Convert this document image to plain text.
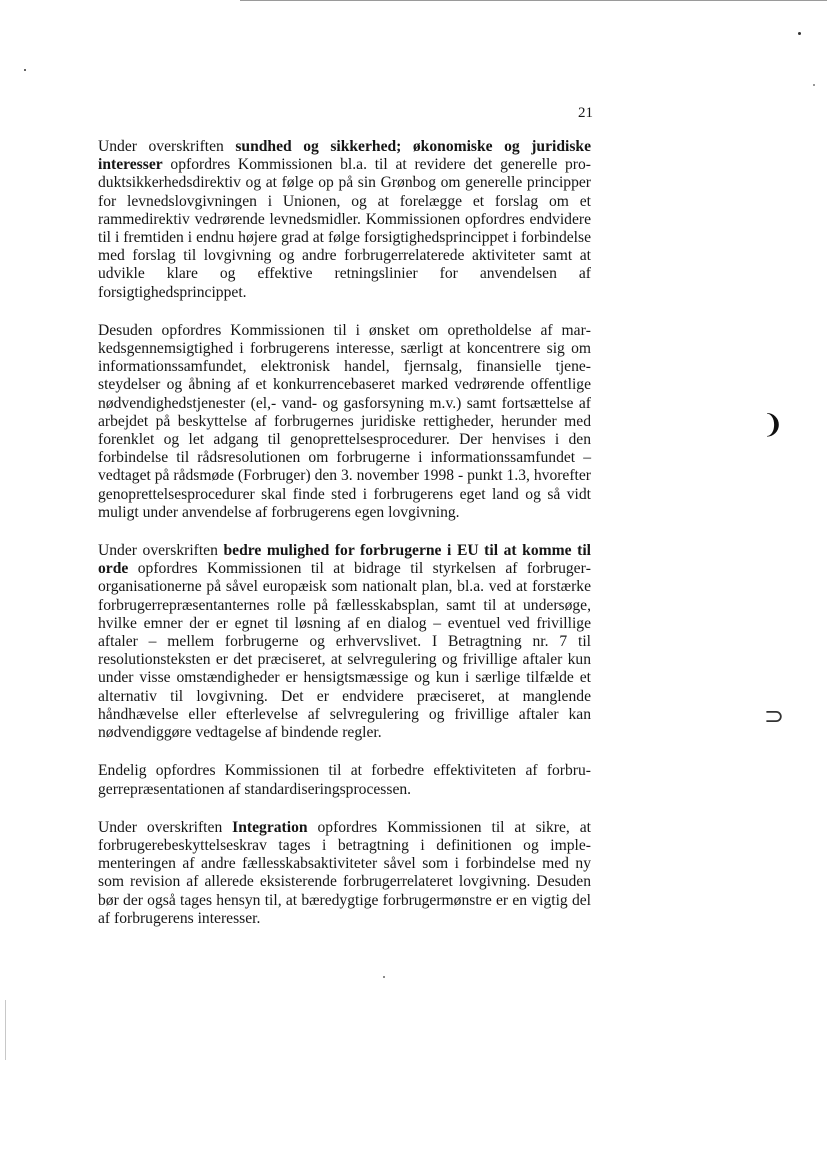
❩
⊃
21

Under overskriften sundhed og sikkerhed; økonomiske og juridiske interesser opfordres Kommissionen bl.a. til at revidere det generelle produktsikkerhedsdirektiv og at følge op på sin Grønbog om generelle principper for levnedslovgivningen i Unionen, og at forelægge et forslag om et rammedirektiv vedrørende levnedsmidler. Kommissionen opfordres endvidere til i fremtiden i endnu højere grad at følge forsigtighedsprincippet i forbindelse med forslag til lovgivning og andre forbrugerrelaterede aktiviteter samt at udvikle klare og effektive retningslinier for anvendelsen af forsigtighedsprincippet.

Desuden opfordres Kommissionen til i ønsket om opretholdelse af markedsgennemsigtighed i forbrugerens interesse, særligt at koncentrere sig om informationssamfundet, elektronisk handel, fjernsalg, finansielle tjenesteydelser og åbning af et konkurrencebaseret marked vedrørende offentlige nødvendighedstjenester (el,- vand- og gasforsyning m.v.) samt fortsættelse af arbejdet på beskyttelse af forbrugernes juridiske rettigheder, herunder med forenklet og let adgang til genoprettelsesprocedurer. Der henvises i den forbindelse til rådsresolutionen om forbrugerne i informationssamfundet – vedtaget på rådsmøde (Forbruger) den 3. november 1998 - punkt 1.3, hvorefter genoprettelsesprocedurer skal finde sted i forbrugerens eget land og så vidt muligt under anvendelse af forbrugerens egen lovgivning.

Under overskriften bedre mulighed for forbrugerne i EU til at komme til orde opfordres Kommissionen til at bidrage til styrkelsen af forbrugerorganisationerne på såvel europæisk som nationalt plan, bl.a. ved at forstærke forbrugerrepræsentanternes rolle på fællesskabsplan, samt til at undersøge, hvilke emner der er egnet til løsning af en dialog – eventuel ved frivillige aftaler – mellem forbrugerne og erhvervslivet. I Betragtning nr. 7 til resolutionsteksten er det præciseret, at selvregulering og frivillige aftaler kun under visse omstændigheder er hensigtsmæssige og kun i særlige tilfælde et alternativ til lovgivning. Det er endvidere præciseret, at manglende håndhævelse eller efterlevelse af selvregulering og frivillige aftaler kan nødvendiggøre vedtagelse af bindende regler.

Endelig opfordres Kommissionen til at forbedre effektiviteten af forbrugerrepræsentationen af standardiseringsprocessen.

Under overskriften Integration opfordres Kommissionen til at sikre, at forbrugerebeskyttelseskrav tages i betragtning i definitionen og implementeringen af andre fællesskabsaktiviteter såvel som i forbindelse med ny som revision af allerede eksisterende forbrugerrelateret lovgivning. Desuden bør der også tages hensyn til, at bæredygtige forbrugermønstre er en vigtig del af forbrugerens interesser.
